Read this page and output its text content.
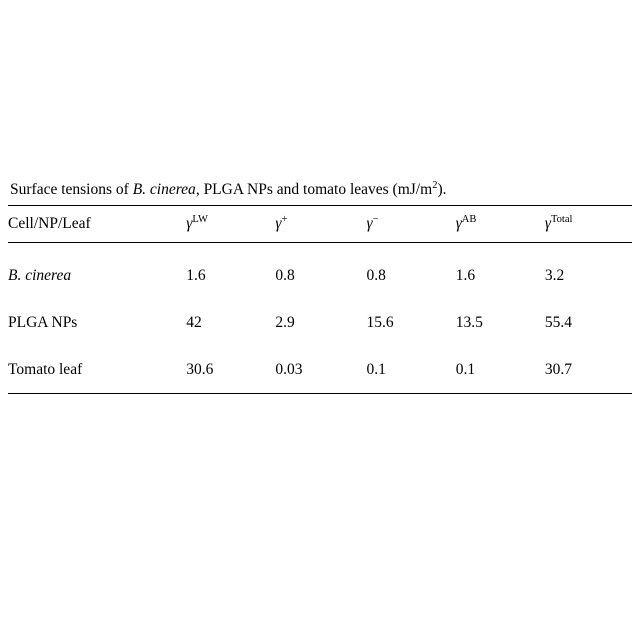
Surface tensions of B. cinerea, PLGA NPs and tomato leaves $(mJ/m^2)$.
Cell/NP/Leaf	$\gamma^{LW}$	γ+	γ−	$\gamma^{AB}$	$\gamma^{Total}$

B. cinerea	1.6	0.8	0.8	1.6	3.2
PLGA NPs	42	2.9	15.6	13.5	55.4
Tomato leaf	30.6	0.03	0.1	0.1	30.7
